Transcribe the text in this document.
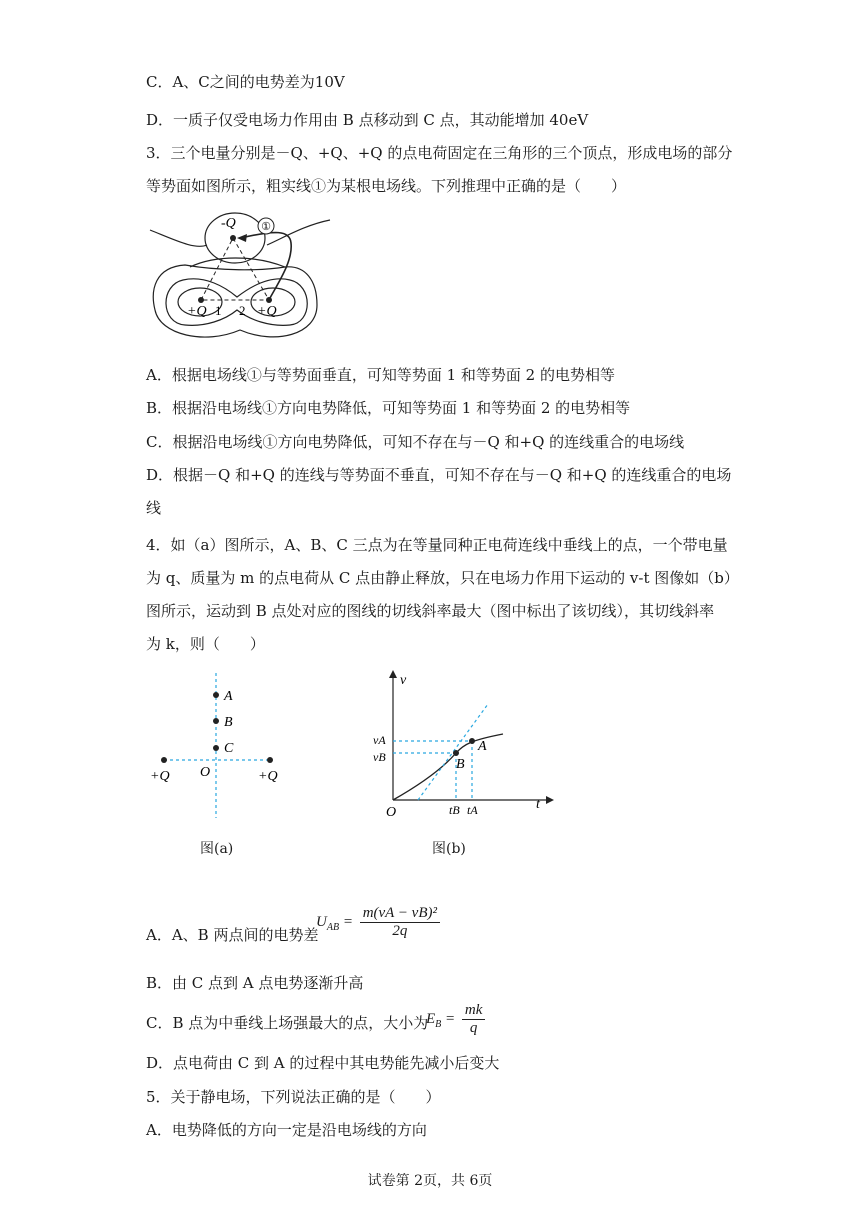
C．A、C之间的电势差为10V
D．一质子仅受电场力作用由 B 点移动到 C 点，其动能增加 40eV
3．三个电量分别是－Q、+Q、+Q 的点电荷固定在三角形的三个顶点，形成电场的部分
等势面如图所示，粗实线①为某根电场线。下列推理中正确的是（　　）
①
-Q
+Q	+Q
1 2
A．根据电场线①与等势面垂直，可知等势面 1 和等势面 2 的电势相等
B．根据沿电场线①方向电势降低，可知等势面 1 和等势面 2 的电势相等
C．根据沿电场线①方向电势降低，可知不存在与－Q 和+Q 的连线重合的电场线
D．根据－Q 和+Q 的连线与等势面不垂直，可知不存在与－Q 和+Q 的连线重合的电场
线
4．如（a）图所示，A、B、C 三点为在等量同种正电荷连线中垂线上的点，一个带电量
为 q、质量为 m 的点电荷从 C 点由静止释放，只在电场力作用下运动的 v-t 图像如（b）
图所示，运动到 B 点处对应的图线的切线斜率最大（图中标出了该切线），其切线斜率
为 k，则（　　）
A
B
C
O
+Q	+Q
图(a)
v
t
O
vA
vB
tB tA
A
B
图(b)
A．A、B 两点间的电势差
$U_{AB} = \frac{\text{m(vA − vB)²}}{2q}$
B．由 C 点到 A 点电势逐渐升高
C．B 点为中垂线上场强最大的点，大小为
$E_B = \frac{mk}{q}$
D．点电荷由 C 到 A 的过程中其电势能先减小后变大
5．关于静电场，下列说法正确的是（　　）
A．电势降低的方向一定是沿电场线的方向
试卷第 2页，共 6页
